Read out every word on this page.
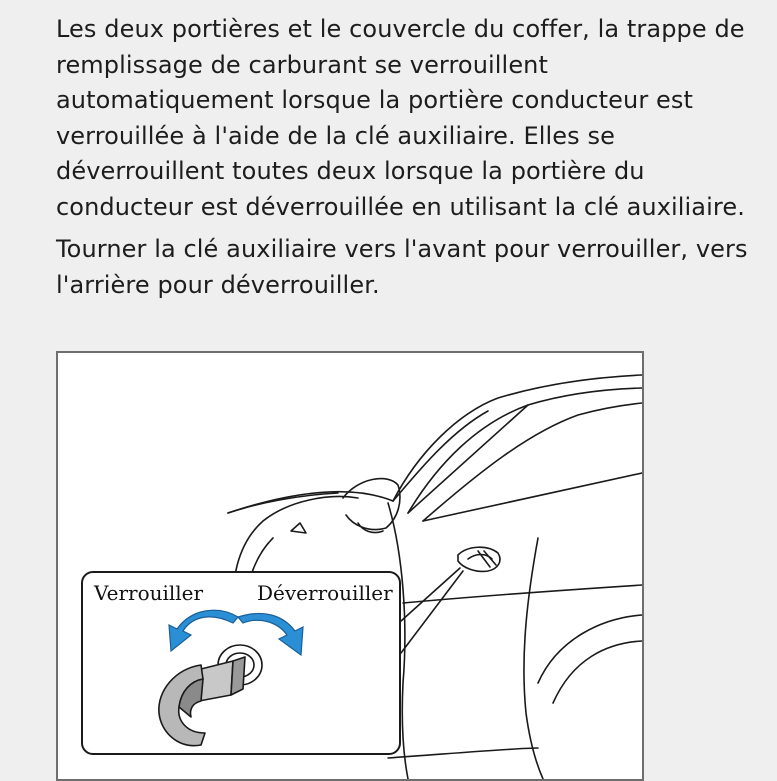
Les deux portières et le couvercle du coffer, la trappe de remplissage de carburant se verrouillent automatiquement lorsque la portière conducteur est verrouillée à l'aide de la clé auxiliaire. Elles se déverrouillent toutes deux lorsque la portière du conducteur est déverrouillée en utilisant la clé auxiliaire.

Tourner la clé auxiliaire vers l'avant pour verrouiller, vers l'arrière pour déverrouiller.

Verrouiller	Déverrouiller
